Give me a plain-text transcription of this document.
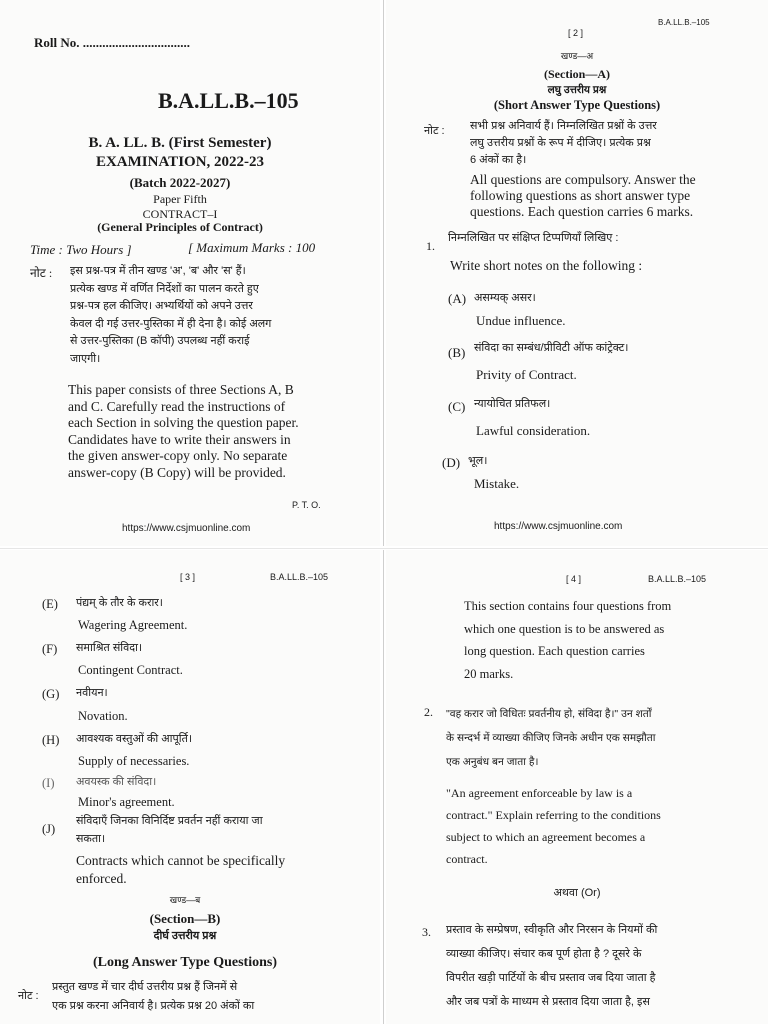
Roll No. .................................
B.A.LL.B.–105
B. A. LL. B. (First Semester)
EXAMINATION, 2022-23
(Batch 2022-2027)
Paper Fifth
CONTRACT–I
(General Principles of Contract)
Time : Two Hours ]	[ Maximum Marks : 100
नोट : इस प्रश्न-पत्र में तीन खण्ड 'अ', 'ब' और 'स' हैं।
प्रत्येक खण्ड में वर्णित निर्देशों का पालन करते हुए
प्रश्न-पत्र हल कीजिए। अभ्यर्थियों को अपने उत्तर
केवल दी गई उत्तर-पुस्तिका में ही देना है। कोई अलग
से उत्तर-पुस्तिका (B कॉपी) उपलब्ध नहीं कराई
जाएगी।
This paper consists of three Sections A, B
and C. Carefully read the instructions of
each Section in solving the question paper.
Candidates have to write their answers in
the given answer-copy only. No separate
answer-copy (B Copy) will be provided.
P. T. O.
https://www.csjmuonline.com
[ 2 ]
B.A.LL.B.–105
खण्ड—अ
(Section—A)
लघु उत्तरीय प्रश्न
(Short Answer Type Questions)
नोट : सभी प्रश्न अनिवार्य हैं। निम्नलिखित प्रश्नों के उत्तर
लघु उत्तरीय प्रश्नों के रूप में दीजिए। प्रत्येक प्रश्न
6 अंकों का है।
All questions are compulsory. Answer the
following questions as short answer type
questions. Each question carries 6 marks.
1.
निम्नलिखित पर संक्षिप्त टिप्पणियाँ लिखिए :
Write short notes on the following :
(A) असम्यक् असर।
Undue influence.
(B) संविदा का सम्बंध/प्रीविटी ऑफ कांट्रेक्ट।
Privity of Contract.
(C) न्यायोचित प्रतिफल।
Lawful consideration.
(D) भूल।
Mistake.
https://www.csjmuonline.com
[ 3 ]	B.A.LL.B.–105
(E) पंद्यम् के तौर के करार।
Wagering Agreement.
(F) समाश्रित संविदा।
Contingent Contract.
(G) नवीयन।
Novation.
(H) आवश्यक वस्तुओं की आपूर्ति।
Supply of necessaries.
(I) अवयस्क की संविदा।
Minor's agreement.
(J)
संविदाएँ जिनका विनिर्दिष्ट प्रवर्तन नहीं कराया जा
सकता।
Contracts which cannot be specifically
enforced.
खण्ड—ब
(Section—B)
दीर्घ उत्तरीय प्रश्न
(Long Answer Type Questions)
नोट :
प्रस्तुत खण्ड में चार दीर्घ उत्तरीय प्रश्न हैं जिनमें से
एक प्रश्न करना अनिवार्य है। प्रत्येक प्रश्न 20 अंकों का
[ 4 ]	B.A.LL.B.–105
This section contains four questions from
which one question is to be answered as
long question. Each question carries
20 marks.
2. "वह करार जो विधितः प्रवर्तनीय हो, संविदा है।" उन शर्तों
के सन्दर्भ में व्याख्या कीजिए जिनके अधीन एक समझौता
एक अनुबंध बन जाता है।
"An agreement enforceable by law is a
contract." Explain referring to the conditions
subject to which an agreement becomes a
contract.
अथवा (Or)
3. प्रस्ताव के सम्प्रेषण, स्वीकृति और निरसन के नियमों की
व्याख्या कीजिए। संचार कब पूर्ण होता है ? दूसरे के
विपरीत खड़ी पार्टियों के बीच प्रस्ताव जब दिया जाता है
और जब पत्रों के माध्यम से प्रस्ताव दिया जाता है, इस
